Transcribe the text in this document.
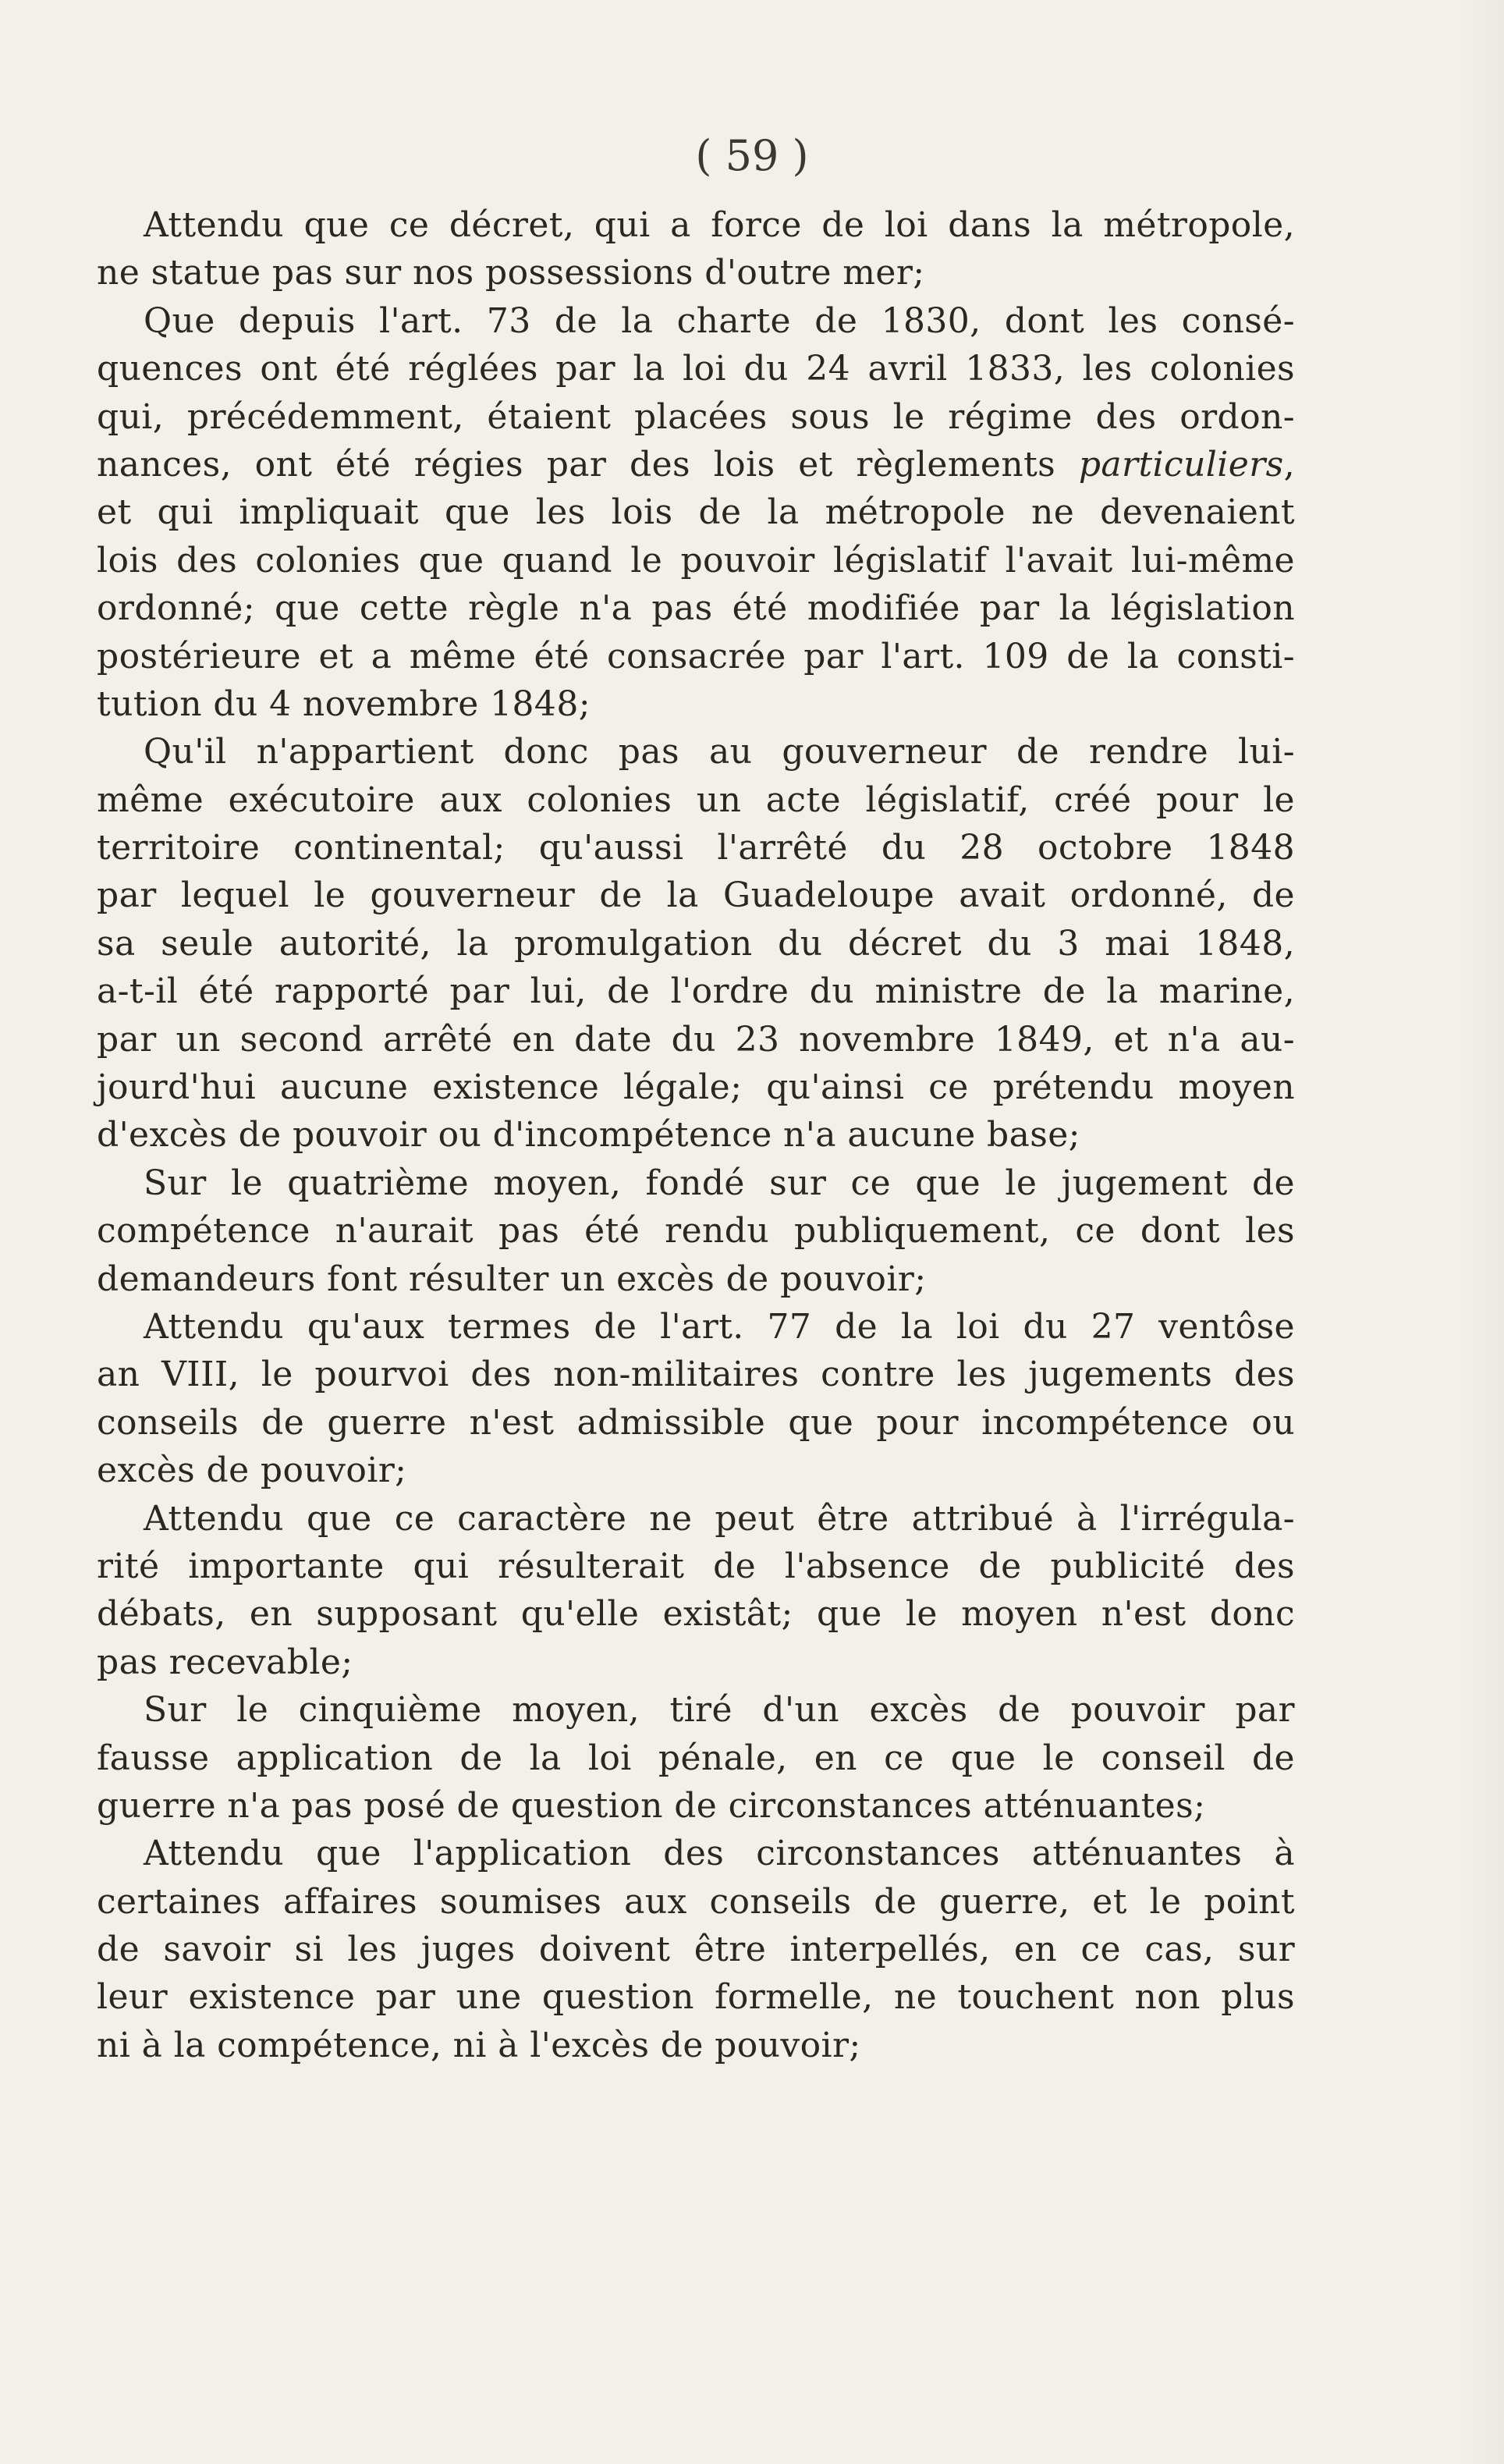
( 59 )
Attendu que ce décret, qui a force de loi dans la métropole,
ne statue pas sur nos possessions d'outre mer;
Que depuis l'art. 73 de la charte de 1830, dont les consé-
quences ont été réglées par la loi du 24 avril 1833, les colonies
qui, précédemment, étaient placées sous le régime des ordon-
nances, ont été régies par des lois et règlements particuliers,
et qui impliquait que les lois de la métropole ne devenaient
lois des colonies que quand le pouvoir législatif l'avait lui-même
ordonné; que cette règle n'a pas été modifiée par la législation
postérieure et a même été consacrée par l'art. 109 de la consti-
tution du 4 novembre 1848;
Qu'il n'appartient donc pas au gouverneur de rendre lui-
même exécutoire aux colonies un acte législatif, créé pour le
territoire continental; qu'aussi l'arrêté du 28 octobre 1848
par lequel le gouverneur de la Guadeloupe avait ordonné, de
sa seule autorité, la promulgation du décret du 3 mai 1848,
a-t-il été rapporté par lui, de l'ordre du ministre de la marine,
par un second arrêté en date du 23 novembre 1849, et n'a au-
jourd'hui aucune existence légale; qu'ainsi ce prétendu moyen
d'excès de pouvoir ou d'incompétence n'a aucune base;
Sur le quatrième moyen, fondé sur ce que le jugement de
compétence n'aurait pas été rendu publiquement, ce dont les
demandeurs font résulter un excès de pouvoir;
Attendu qu'aux termes de l'art. 77 de la loi du 27 ventôse
an VIII, le pourvoi des non-militaires contre les jugements des
conseils de guerre n'est admissible que pour incompétence ou
excès de pouvoir;
Attendu que ce caractère ne peut être attribué à l'irrégula-
rité importante qui résulterait de l'absence de publicité des
débats, en supposant qu'elle existât; que le moyen n'est donc
pas recevable;
Sur le cinquième moyen, tiré d'un excès de pouvoir par
fausse application de la loi pénale, en ce que le conseil de
guerre n'a pas posé de question de circonstances atténuantes;
Attendu que l'application des circonstances atténuantes à
certaines affaires soumises aux conseils de guerre, et le point
de savoir si les juges doivent être interpellés, en ce cas, sur
leur existence par une question formelle, ne touchent non plus
ni à la compétence, ni à l'excès de pouvoir;
